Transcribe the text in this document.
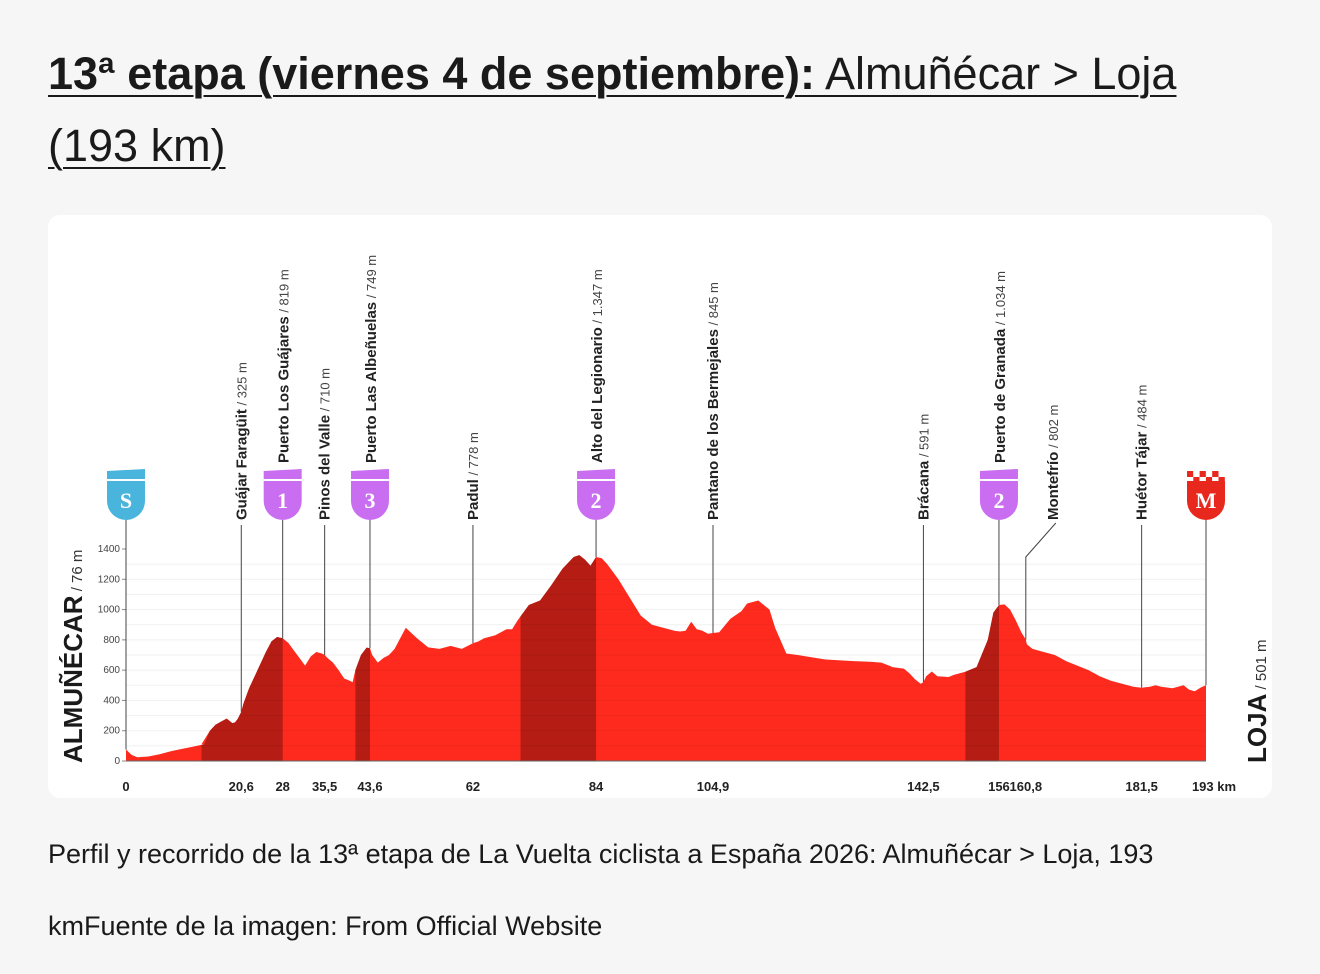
13ª etapa (viernes 4 de septiembre): Almuñécar > Loja (193 km)
0
200
400
600
800
1000
1200
1400
0	20,6 28 35,5 43,6	62	84	104,9	142,5	156 160,8	181,5	193 km
Guájar Faragüit / 325 m Puerto Los Guájares / 819 m
Pinos del Valle / 710 m Puerto Las Albeñuelas / 749 m
Padul / 778 m	Alto del Legionario / 1.347 m
Pantano de los Bermejales / 845 m
Brácana / 591 m	Puerto de Granada / 1.034 m
Montefrío / 802 m
Huétor Tájar / 484 m
S	1	3	2	2	M
ALMUÑÉCAR / 76 m
LOJA / 501 m

Perfil y recorrido de la 13ª etapa de La Vuelta ciclista a España 2026: Almuñécar > Loja, 193 kmFuente de la imagen: From Official Website
